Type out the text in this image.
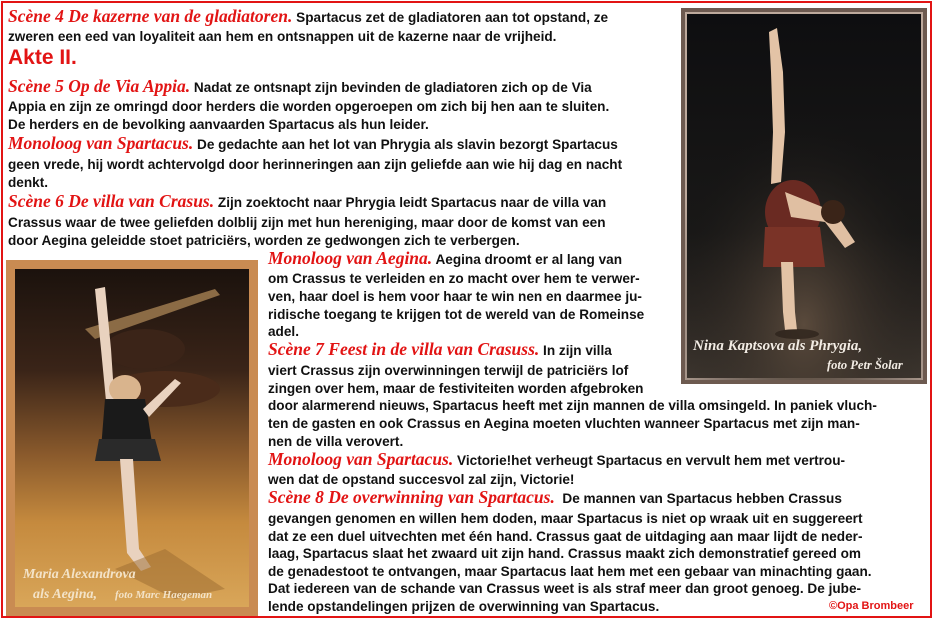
Scène 4 De kazerne van de gladiatoren. Spartacus zet de gladiatoren aan tot opstand, ze
zweren een eed van loyaliteit aan hem en ontsnappen uit de kazerne naar de vrijheid.
Akte II.
Scène 5 Op de Via Appia. Nadat ze ontsnapt zijn bevinden de gladiatoren zich op de Via
Appia en zijn ze omringd door herders die worden opgeroepen om zich bij hen aan te sluiten.
De herders en de bevolking aanvaarden Spartacus als hun leider.
Monoloog van Spartacus. De gedachte aan het lot van Phrygia als slavin bezorgt Spartacus
geen vrede, hij wordt achtervolgd door herinneringen aan zijn geliefde aan wie hij dag en nacht
denkt.
Scène 6 De villa van Crasus. Zijn zoektocht naar Phrygia leidt Spartacus naar de villa van
Crassus waar de twee geliefden dolblij zijn met hun hereniging, maar door de komst van een
door Aegina geleidde stoet patriciërs, worden ze gedwongen zich te verbergen.
Monoloog van Aegina. Aegina droomt er al lang van
om Crassus te verleiden en zo macht over hem te verwer-
ven, haar doel is hem voor haar te win nen en daarmee ju-
ridische toegang te krijgen tot de wereld van de Romeinse
adel.
Scène 7 Feest in de villa van Crasuss. In zijn villa
viert Crassus zijn overwinningen terwijl de patriciërs lof
zingen over hem, maar de festiviteiten worden afgebroken
door alarmerend nieuws, Spartacus heeft met zijn mannen de villa omsingeld. In paniek vluch-
ten de gasten en ook Crassus en Aegina moeten vluchten wanneer Spartacus met zijn man-
nen de villa verovert.
Monoloog van Spartacus. Victorie!het verheugt Spartacus en vervult hem met vertrou-
wen dat de opstand succesvol zal zijn, Victorie!
Scène 8 De overwinning van Spartacus. De mannen van Spartacus hebben Crassus
gevangen genomen en willen hem doden, maar Spartacus is niet op wraak uit en suggereert
dat ze een duel uitvechten met één hand. Crassus gaat de uitdaging aan maar lijdt de neder-
laag, Spartacus slaat het zwaard uit zijn hand. Crassus maakt zich demonstratief gereed om
de genadestoot te ontvangen, maar Spartacus laat hem met een gebaar van minachting gaan.
Dat iedereen van de schande van Crassus weet is als straf meer dan groot genoeg. De jube-
lende opstandelingen prijzen de overwinning van Spartacus.
Nina Kaptsova als Phrygia,
foto Petr Šolar
Maria Alexandrova
als Aegina, foto Marc Haegeman
©Opa Brombeer
